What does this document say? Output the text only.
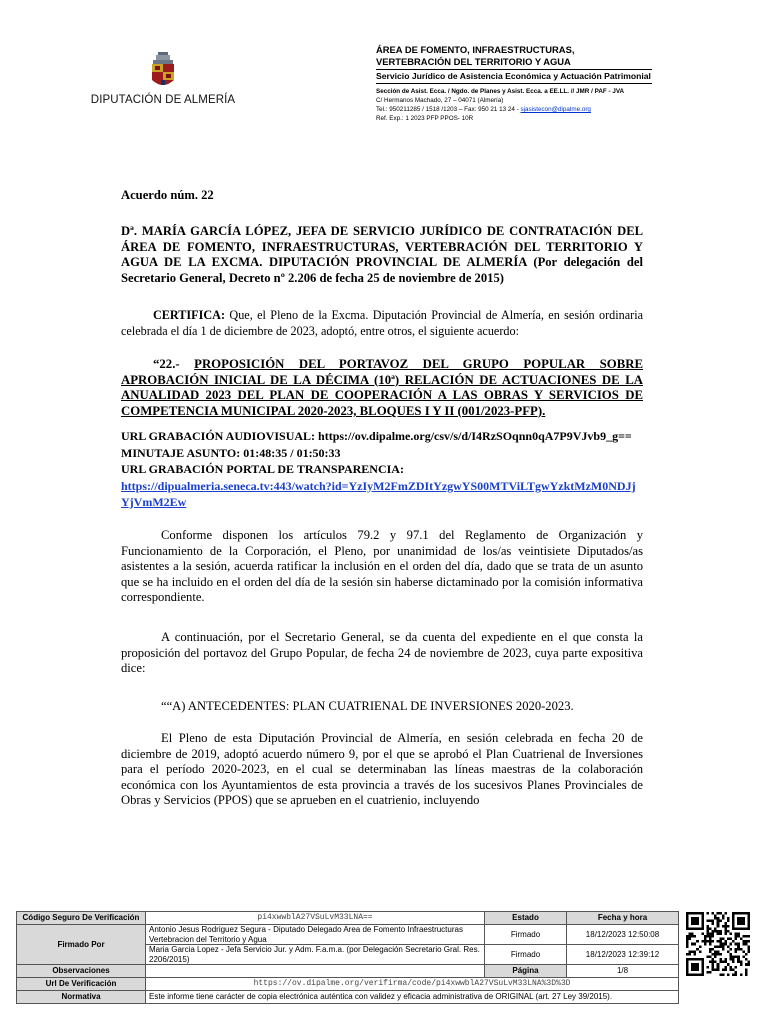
DIPUTACIÓN DE ALMERÍA
ÁREA DE FOMENTO, INFRAESTRUCTURAS, VERTEBRACIÓN DEL TERRITORIO Y AGUA
Servicio Jurídico de Asistencia Económica y Actuación Patrimonial
Sección de Asist. Ecca. / Ngdo. de Planes y Asist. Ecca. a EE.LL. // JMR / PAF - JVA
C/ Hermanos Machado, 27 – 04071 (Almería)
Tel.: 950211285 / 1518 /1203 – Fax: 950 21 13 24 - sjasistecon@dipalme.org
Ref. Exp.: 1 2023 PFP PPOS- 10R
Acuerdo núm. 22
Dª. MARÍA GARCÍA LÓPEZ, JEFA DE SERVICIO JURÍDICO DE CONTRATACIÓN DEL ÁREA DE FOMENTO, INFRAESTRUCTURAS, VERTEBRACIÓN DEL TERRITORIO Y AGUA DE LA EXCMA. DIPUTACIÓN PROVINCIAL DE ALMERÍA (Por delegación del Secretario General, Decreto nº 2.206 de fecha 25 de noviembre de 2015)
CERTIFICA: Que, el Pleno de la Excma. Diputación Provincial de Almería, en sesión ordinaria celebrada el día 1 de diciembre de 2023, adoptó, entre otros, el siguiente acuerdo:
“22.- PROPOSICIÓN DEL PORTAVOZ DEL GRUPO POPULAR SOBRE APROBACIÓN INICIAL DE LA DÉCIMA (10ª) RELACIÓN DE ACTUACIONES DE LA ANUALIDAD 2023 DEL PLAN DE COOPERACIÓN A LAS OBRAS Y SERVICIOS DE COMPETENCIA MUNICIPAL 2020-2023, BLOQUES I Y II (001/2023-PFP).
URL GRABACIÓN AUDIOVISUAL: https://ov.dipalme.org/csv/s/d/I4RzSOqnn0qA7P9VJvb9_g==
MINUTAJE ASUNTO: 01:48:35 / 01:50:33
URL GRABACIÓN PORTAL DE TRANSPARENCIA:
https://dipualmeria.seneca.tv:443/watch?id=YzIyM2FmZDItYzgwYS00MTViLTgwYzktMzM0NDJjYjVmM2Ew
Conforme disponen los artículos 79.2 y 97.1 del Reglamento de Organización y Funcionamiento de la Corporación, el Pleno, por unanimidad de los/as veintisiete Diputados/as asistentes a la sesión, acuerda ratificar la inclusión en el orden del día, dado que se trata de un asunto que se ha incluido en el orden del día de la sesión sin haberse dictaminado por la comisión informativa correspondiente.
A continuación, por el Secretario General, se da cuenta del expediente en el que consta la proposición del portavoz del Grupo Popular, de fecha 24 de noviembre de 2023, cuya parte expositiva dice:
““A) ANTECEDENTES: PLAN CUATRIENAL DE INVERSIONES 2020-2023.
El Pleno de esta Diputación Provincial de Almería, en sesión celebrada en fecha 20 de diciembre de 2019, adoptó acuerdo número 9, por el que se aprobó el Plan Cuatrienal de Inversiones para el período 2020-2023, en el cual se determinaban las líneas maestras de la colaboración económica con los Ayuntamientos de esta provincia a través de los sucesivos Planes Provinciales de Obras y Servicios (PPOS) que se aprueben en el cuatrienio, incluyendo
Código Seguro De Verificación	pi4xwwblA27VSuLvM33LNA==	Estado	Fecha y hora
Firmado Por	Antonio Jesus Rodriguez Segura - Diputado Delegado Area de Fomento Infraestructuras Vertebracion del Territorio y Agua	Firmado	18/12/2023 12:50:08
	Maria Garcia Lopez - Jefa Servicio Jur. y Adm. F.a.m.a. (por Delegación Secretario Gral. Res. 2206/2015)	Firmado	18/12/2023 12:39:12
Observaciones		Página	1/8
Url De Verificación	https://ov.dipalme.org/verifirma/code/pi4xwwblA27VSuLvM33LNA%3D%3D		
Normativa	Este informe tiene carácter de copia electrónica auténtica con validez y eficacia administrativa de ORIGINAL (art. 27 Ley 39/2015).		
